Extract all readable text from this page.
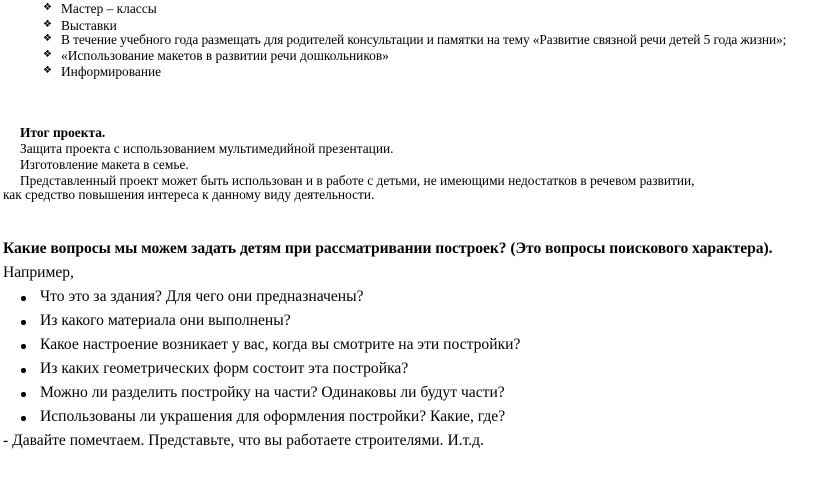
❖ Мастер – классы
❖ Выставки
❖ В течение учебного года размещать для родителей консультации и памятки на тему «Развитие связной речи детей 5 года жизни»;
❖ «Использование макетов в развитии речи дошкольников»
❖ Информирование
Итог проекта.
Защита проекта с использованием мультимедийной презентации.
Изготовление макета в семье.
Представленный проект может быть использован и в работе с детьми, не имеющими недостатков в речевом развитии,
как средство повышения интереса к данному виду деятельности.
Какие вопросы мы можем задать детям при рассматривании построек? (Это вопросы поискового характера).
Например,
Что это за здания? Для чего они предназначены?
Из какого материала они выполнены?
Какое настроение возникает у вас, когда вы смотрите на эти постройки?
Из каких геометрических форм состоит эта постройка?
Можно ли разделить постройку на части? Одинаковы ли будут части?
Использованы ли украшения для оформления постройки? Какие, где?
- Давайте помечтаем. Представьте, что вы работаете строителями. И.т.д.
